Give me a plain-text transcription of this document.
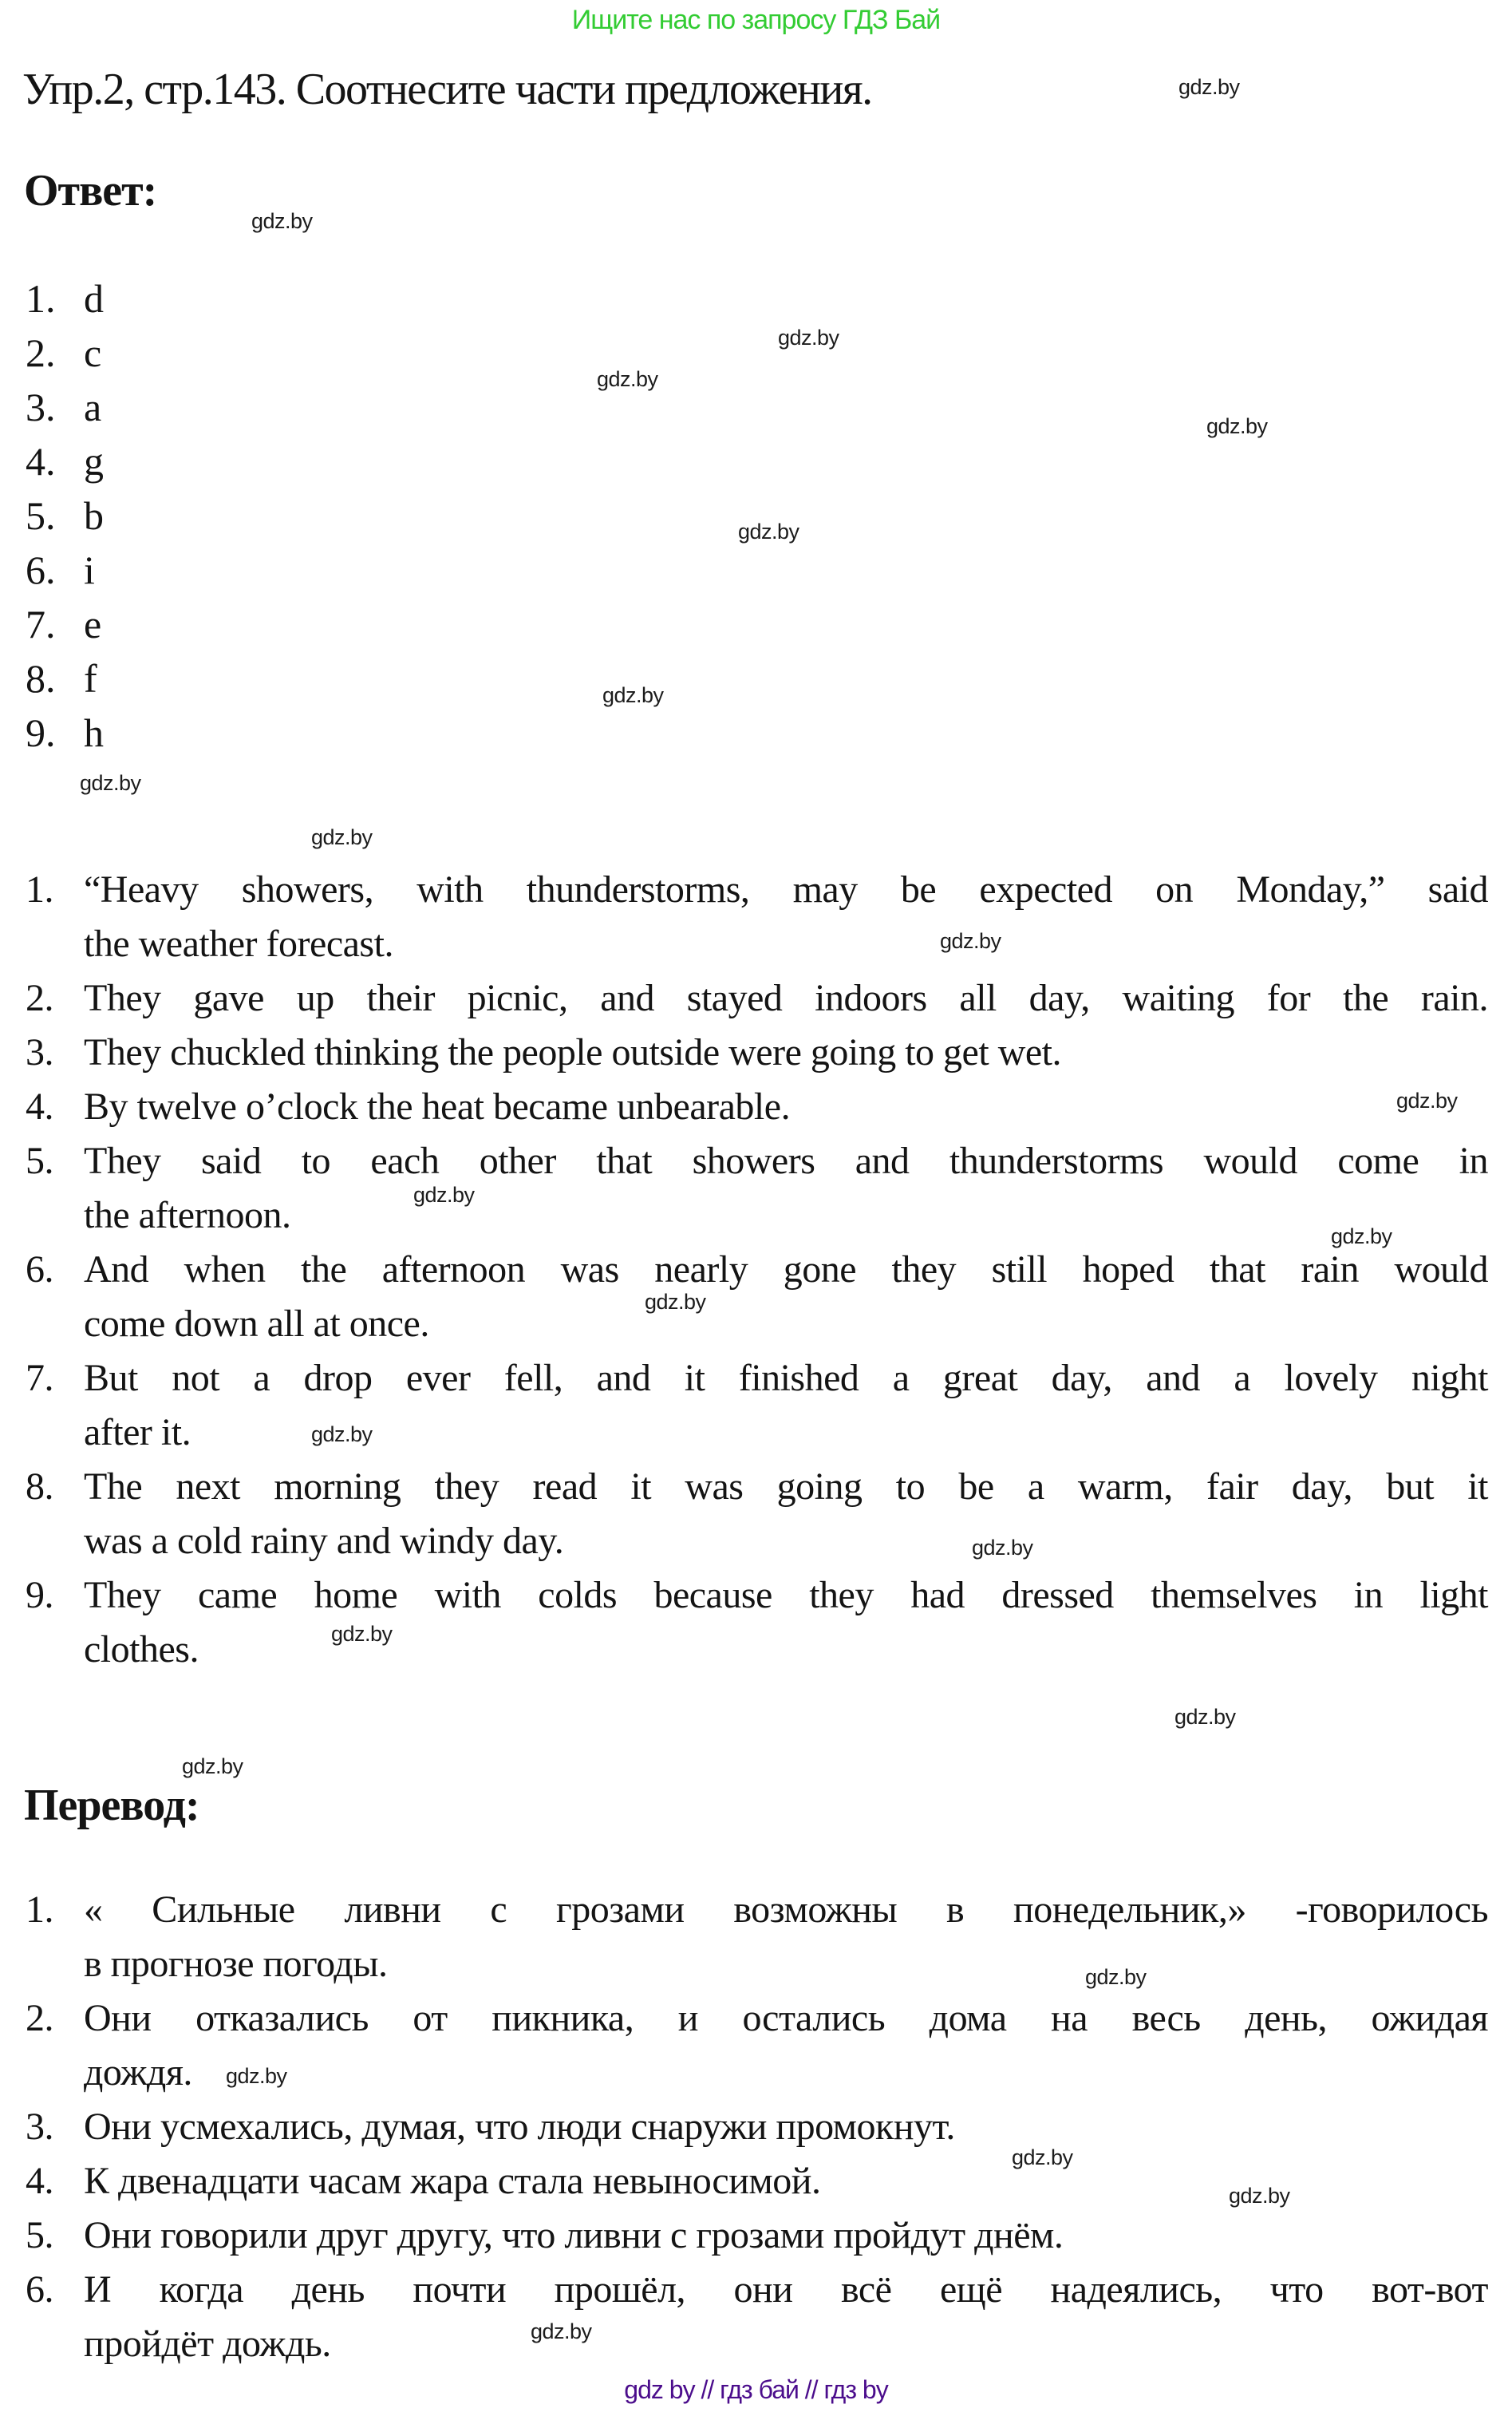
Ищите нас по запросу ГДЗ Бай
Упр.2, стр.143. Соотнесите части предложения.
Ответ:
1. d
2. c
3. a
4. g
5. b
6. i
7. e
8. f
9. h
1. “Heavy showers, with thunderstorms, may be expected on Monday,” said
the weather forecast.
2. They gave up their picnic, and stayed indoors all day, waiting for the rain.
3. They chuckled thinking the people outside were going to get wet.
4. By twelve o’clock the heat became unbearable.
5. They said to each other that showers and thunderstorms would come in
the afternoon.
6. And when the afternoon was nearly gone they still hoped that rain would
come down all at once.
7. But not a drop ever fell, and it finished a great day, and a lovely night
after it.
8. The next morning they read it was going to be a warm, fair day, but it
was a cold rainy and windy day.
9. They came home with colds because they had dressed themselves in light
clothes.
Перевод:
1. « Сильные ливни с грозами возможны в понедельник,» -говорилось
в прогнозе погоды.
2. Они отказались от пикника, и остались дома на весь день, ожидая
дождя.
3. Они усмехались, думая, что люди снаружи промокнут.
4. К двенадцати часам жара стала невыносимой.
5. Они говорили друг другу, что ливни с грозами пройдут днём.
6. И когда день почти прошёл, они всё ещё надеялись, что вот-вот
пройдёт дождь.
gdz.by
gdz.by
gdz.by
gdz.by
gdz.by
gdz.by
gdz.by
gdz.by
gdz.by
gdz.by
gdz.by
gdz.by
gdz.by
gdz.by
gdz.by
gdz.by
gdz.by
gdz.by
gdz.by
gdz.by
gdz.by
gdz.by
gdz.by
gdz.by
gdz by // гдз бай // гдз by
